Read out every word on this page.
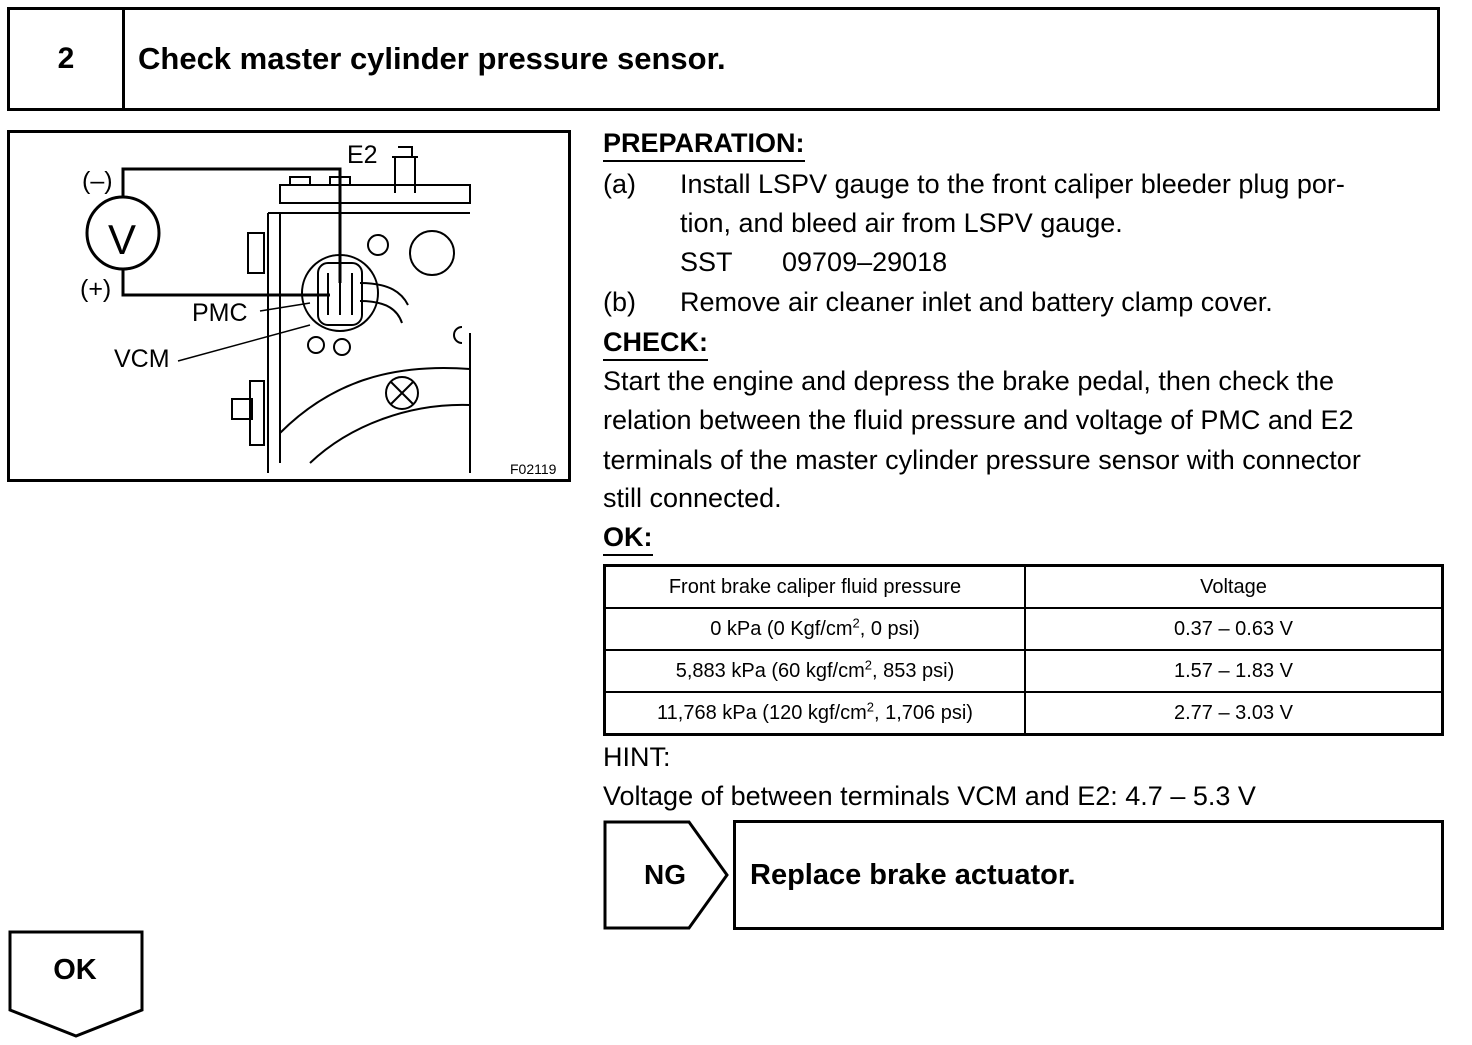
2	Check master cylinder pressure sensor.
V
(–)
(+)
E2
PMC
VCM
F02119
PREPARATION:
(a) Install LSPV gauge to the front caliper bleeder plug por-
tion, and bleed air from LSPV gauge.
SST 09709–29018
(b) Remove air cleaner inlet and battery clamp cover.
CHECK:
Start the engine and depress the brake pedal, then check the
relation between the fluid pressure and voltage of PMC and E2
terminals of the master cylinder pressure sensor with connector
still connected.
OK:
Front brake caliper fluid pressure	Voltage
0 kPa (0 Kgf/$cm^2$, 0 psi)	0.37 – 0.63 V
5,883 kPa (60 kgf/$cm^2$, 853 psi)	1.57 – 1.83 V
11,768 kPa (120 kgf/$cm^2$, 1,706 psi)	2.77 – 3.03 V
HINT:
Voltage of between terminals VCM and E2: 4.7 – 5.3 V
NG	Replace brake actuator.
OK
